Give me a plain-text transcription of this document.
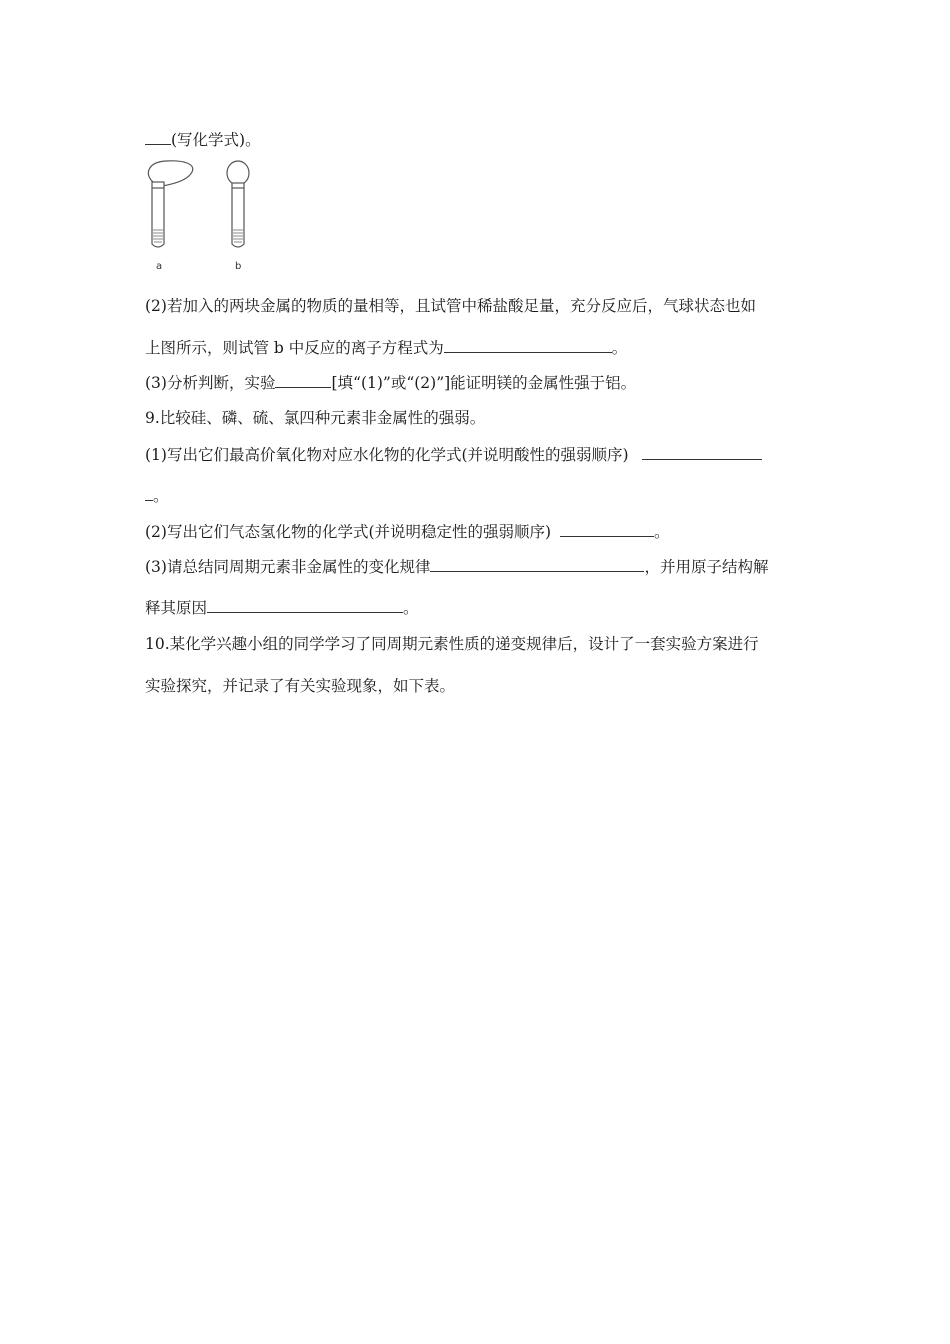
(写化学式)。
a	b
(2)若加入的两块金属的物质的量相等，且试管中稀盐酸足量，充分反应后，气球状态也如
上图所示，则试管 b 中反应的离子方程式为	。
(3)分析判断，实验	[填“(1)”或“(2)”]能证明镁的金属性强于铝。
9.比较硅、磷、硫、氯四种元素非金属性的强弱。
(1)写出它们最高价氧化物对应水化物的化学式(并说明酸性的强弱顺序)
。
(2)写出它们气态氢化物的化学式(并说明稳定性的强弱顺序)	。
(3)请总结同周期元素非金属性的变化规律	，并用原子结构解
释其原因	。
10.某化学兴趣小组的同学学习了同周期元素性质的递变规律后，设计了一套实验方案进行
实验探究，并记录了有关实验现象，如下表。
